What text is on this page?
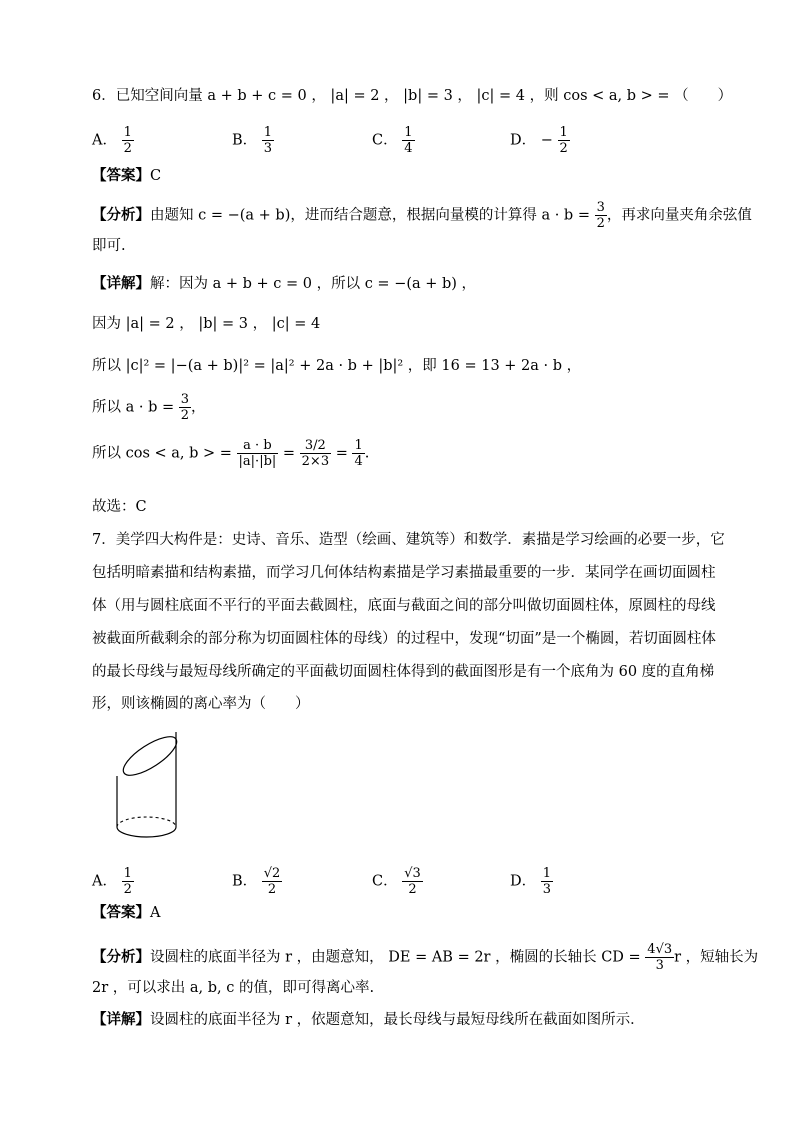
6．已知空间向量 a + b + c = 0 ， |a| = 2 ， |b| = 3 ， |c| = 4 ，则 cos < a, b > = （　　）
A． $\frac{1}{2}$	B． $\frac{1}{3}$	C． $\frac{1}{4}$	D． − $\frac{1}{2}$
【答案】C
【分析】由题知 c = −(a + b)，进而结合题意，根据向量模的计算得 $a \cdot b = \frac{3}{2}$ ，再求向量夹角余弦值
即可.
【详解】解：因为 a + b + c = 0 ，所以 c = −(a + b) ，
因为 |a| = 2 ， |b| = 3 ， |c| = 4
所以 |c|² = |−(a + b)|² = |a|² + 2a · b + |b|² ，即 16 = 13 + 2a · b ，
所以 $a \cdot b = \frac{3}{2}$ ，
所以 cos < a, b > = $\frac{a \cdot b}{|a|\cdot|b|} = \frac{3/2}{2\times 3} = \frac{1}{4}$ .
故选：C
7．美学四大构件是：史诗、音乐、造型（绘画、建筑等）和数学．素描是学习绘画的必要一步，它
包括明暗素描和结构素描，而学习几何体结构素描是学习素描最重要的一步．某同学在画切面圆柱
体（用与圆柱底面不平行的平面去截圆柱，底面与截面之间的部分叫做切面圆柱体，原圆柱的母线
被截面所截剩余的部分称为切面圆柱体的母线）的过程中，发现“切面”是一个椭圆，若切面圆柱体
的最长母线与最短母线所确定的平面截切面圆柱体得到的截面图形是有一个底角为 60 度的直角梯
形，则该椭圆的离心率为（　　）
A． $\frac{1}{2}$	B． $\frac{√2}{2}$	C． $\frac{√3}{2}$	D． $\frac{1}{3}$
【答案】A
【分析】设圆柱的底面半径为 r ，由题意知， DE = AB = 2r ，椭圆的长轴长 CD = $\frac{4√3}{3}$ r ，短轴长为
2r ，可以求出 a, b, c 的值，即可得离心率.
【详解】设圆柱的底面半径为 r ，依题意知，最长母线与最短母线所在截面如图所示．
